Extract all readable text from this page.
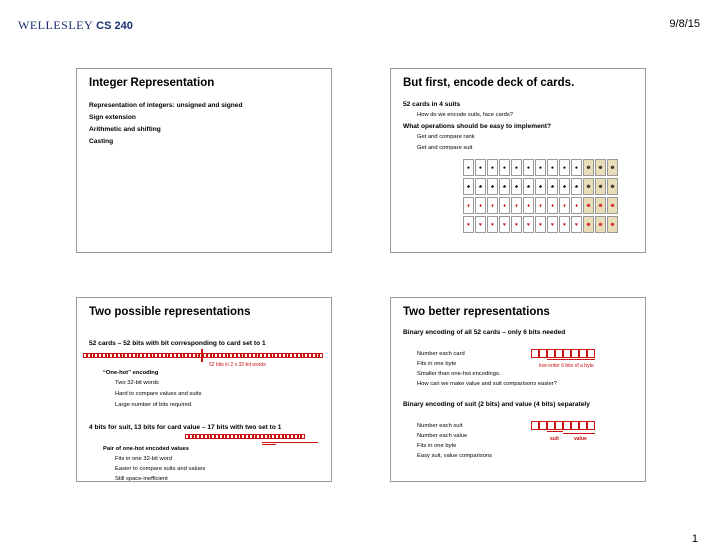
WELLESLEY CS 240	9/8/15
Integer Representation
Representation of integers: unsigned and signed
Sign extension
Arithmetic and shifting
Casting
But first, encode deck of cards.
52 cards in 4 suits
How do we encode suits, face cards?
What operations should be easy to implement?
Get and compare rank
Get and compare suit
♠	♠	♠	♠	♠	♠	♠	♠	♠	♠	♚	♚	♚
♣	♣	♣	♣	♣	♣	♣	♣	♣	♣	♚	♚	♚
♦	♦	♦	♦	♦	♦	♦	♦	♦	♦	♚	♚	♚
♥	♥	♥	♥	♥	♥	♥	♥	♥	♥	♚	♚	♚
Two possible representations
52 cards – 52 bits with bit corresponding to card set to 1
52 bits in 2 x 32-bit words
“One-hot” encoding
Two 32-bit words
Hard to compare values and suits
Large number of bits required
4 bits for suit, 13 bits for card value – 17 bits with two set to 1
Pair of one-hot encoded values
Fits in one 32-bit word
Easier to compare suits and values
Still space-inefficient
Two better representations
Binary encoding of all 52 cards – only 6 bits needed
Number each card
Fits in one byte
Smaller than one-hot encodings.
How can we make value and suit comparisons easier?
low-order 6 bits of a byte
Binary encoding of suit (2 bits) and value (4 bits) separately
Number each suit
Number each value
Fits in one byte
Easy suit, value comparisons
suit	value
1
